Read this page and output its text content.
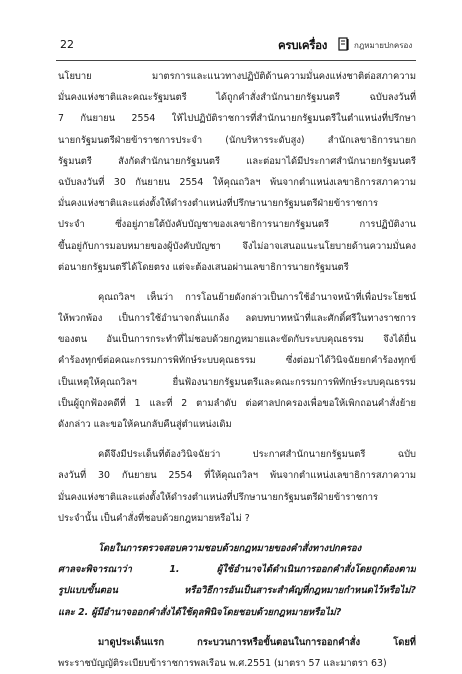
22	ครบเครื่อง	กฎหมายปกครอง
นโยบาย มาตรการและแนวทางปฏิบัติด้านความมั่นคงแห่งชาติต่อสภาความ
มั่นคงแห่งชาติและคณะรัฐมนตรี ได้ถูกคำสั่งสำนักนายกรัฐมนตรี ฉบับลงวันที่
7 กันยายน 2554 ให้ไปปฏิบัติราชการที่สำนักนายกรัฐมนตรีในตำแหน่งที่ปรึกษา
นายกรัฐมนตรีฝ่ายข้าราชการประจำ (นักบริหารระดับสูง) สำนักเลขาธิการนายก
รัฐมนตรี สังกัดสำนักนายกรัฐมนตรี และต่อมาได้มีประกาศสำนักนายกรัฐมนตรี
ฉบับลงวันที่ 30 กันยายน 2554 ให้คุณถวิลฯ พ้นจากตำแหน่งเลขาธิการสภาความ
มั่นคงแห่งชาติและแต่งตั้งให้ดำรงตำแหน่งที่ปรึกษานายกรัฐมนตรีฝ่ายข้าราชการ
ประจำ ซึ่งอยู่ภายใต้บังคับบัญชาของเลขาธิการนายกรัฐมนตรี การปฏิบัติงาน
ขึ้นอยู่กับการมอบหมายของผู้บังคับบัญชา จึงไม่อาจเสนอแนะนโยบายด้านความมั่นคง
ต่อนายกรัฐมนตรีได้โดยตรง แต่จะต้องเสนอผ่านเลขาธิการนายกรัฐมนตรี
คุณถวิลฯ เห็นว่า การโอนย้ายดังกล่าวเป็นการใช้อำนาจหน้าที่เพื่อประโยชน์
ให้พวกพ้อง เป็นการใช้อำนาจกลั่นแกล้ง ลดบทบาทหน้าที่และศักดิ์ศรีในทางราชการ
ของตน อันเป็นการกระทำที่ไม่ชอบด้วยกฎหมายและขัดกับระบบคุณธรรม จึงได้ยื่น
คำร้องทุกข์ต่อคณะกรรมการพิทักษ์ระบบคุณธรรม ซึ่งต่อมาได้วินิจฉัยยกคำร้องทุกข์
เป็นเหตุให้คุณถวิลฯ ยื่นฟ้องนายกรัฐมนตรีและคณะกรรมการพิทักษ์ระบบคุณธรรม
เป็นผู้ถูกฟ้องคดีที่ 1 และที่ 2 ตามลำดับ ต่อศาลปกครองเพื่อขอให้เพิกถอนคำสั่งย้าย
ดังกล่าว และขอให้คนกลับคืนสู่ตำแหน่งเดิม
คดีจึงมีประเด็นที่ต้องวินิจฉัยว่า ประกาศสำนักนายกรัฐมนตรี ฉบับ
ลงวันที่ 30 กันยายน 2554 ที่ให้คุณถวิลฯ พ้นจากตำแหน่งเลขาธิการสภาความ
มั่นคงแห่งชาติและแต่งตั้งให้ดำรงตำแหน่งที่ปรึกษานายกรัฐมนตรีฝ่ายข้าราชการ
ประจำนั้น เป็นคำสั่งที่ชอบด้วยกฎหมายหรือไม่ ?
โดยในการตรวจสอบความชอบด้วยกฎหมายของคำสั่งทางปกครอง
ศาลจะพิจารณาว่า 1. ผู้ใช้อำนาจได้ดำเนินการออกคำสั่งโดยถูกต้องตาม
รูปแบบขั้นตอน หรือวิธีการอันเป็นสาระสำคัญที่กฎหมายกำหนดไว้หรือไม่?
และ 2. ผู้มีอำนาจออกคำสั่งได้ใช้ดุลพินิจโดยชอบด้วยกฎหมายหรือไม่?
มาดูประเด็นแรก กระบวนการหรือขั้นตอนในการออกคำสั่ง โดยที่
พระราชบัญญัติระเบียบข้าราชการพลเรือน พ.ศ.2551 (มาตรา 57 และมาตรา 63)
